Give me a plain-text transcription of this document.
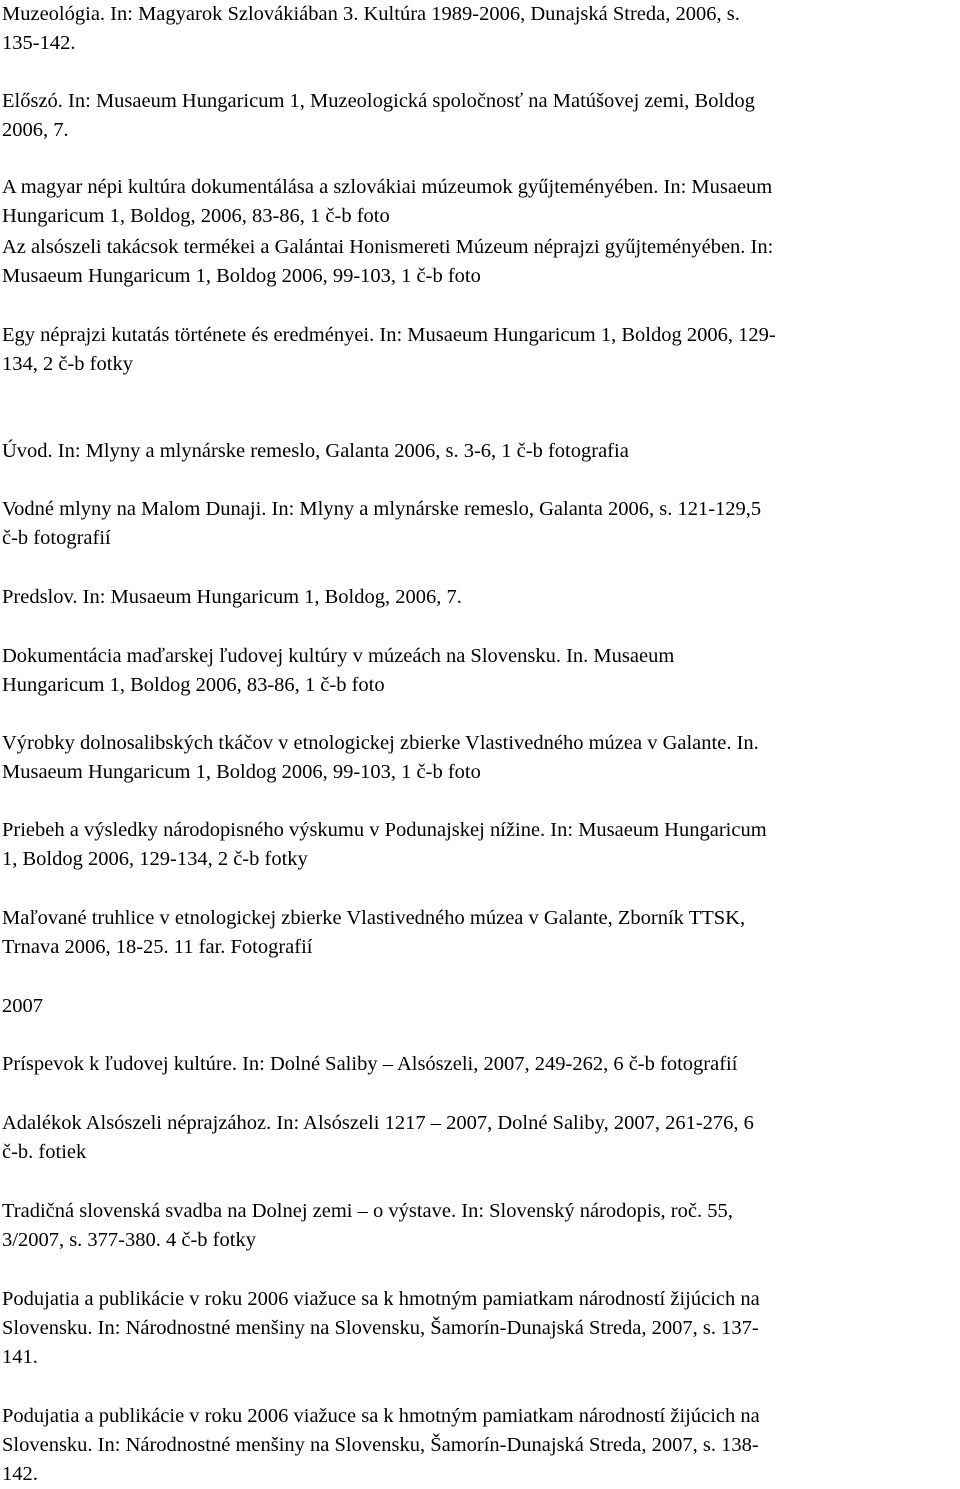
Muzeológia. In: Magyarok Szlovákiában 3. Kultúra 1989-2006, Dunajská Streda, 2006, s.
135-142.
Előszó. In: Musaeum Hungaricum 1, Muzeologická spoločnosť na Matúšovej zemi, Boldog
2006, 7.
A magyar népi kultúra dokumentálása a szlovákiai múzeumok gyűjteményében. In: Musaeum
Hungaricum 1, Boldog, 2006, 83-86, 1 č-b foto
Az alsószeli takácsok termékei a Galántai Honismereti Múzeum néprajzi gyűjteményében. In:
Musaeum Hungaricum 1, Boldog 2006, 99-103, 1 č-b foto
Egy néprajzi kutatás története és eredményei. In: Musaeum Hungaricum 1, Boldog 2006, 129-
134, 2 č-b fotky
Úvod. In: Mlyny a mlynárske remeslo, Galanta 2006, s. 3-6, 1 č-b fotografia
Vodné mlyny na Malom Dunaji. In: Mlyny a mlynárske remeslo, Galanta 2006, s. 121-129,5
č-b fotografií
Predslov. In: Musaeum Hungaricum 1, Boldog, 2006, 7.
Dokumentácia maďarskej ľudovej kultúry v múzeách na Slovensku. In. Musaeum
Hungaricum 1, Boldog 2006, 83-86, 1 č-b foto
Výrobky dolnosalibských tkáčov v etnologickej zbierke Vlastivedného múzea v Galante. In.
Musaeum Hungaricum 1, Boldog 2006, 99-103, 1 č-b foto
Priebeh a výsledky národopisného výskumu v Podunajskej nížine. In: Musaeum Hungaricum
1, Boldog 2006, 129-134, 2 č-b fotky
Maľované truhlice v etnologickej zbierke Vlastivedného múzea v Galante, Zborník TTSK,
Trnava 2006, 18-25. 11 far. Fotografií
2007
Príspevok k ľudovej kultúre. In: Dolné Saliby – Alsószeli, 2007, 249-262, 6 č-b fotografií
Adalékok Alsószeli néprajzához. In: Alsószeli 1217 – 2007, Dolné Saliby, 2007, 261-276, 6
č-b. fotiek
Tradičná slovenská svadba na Dolnej zemi – o výstave. In: Slovenský národopis, roč. 55,
3/2007, s. 377-380. 4 č-b fotky
Podujatia a publikácie v roku 2006 viažuce sa k hmotným pamiatkam národností žijúcich na
Slovensku. In: Národnostné menšiny na Slovensku, Šamorín-Dunajská Streda, 2007, s. 137-
141.
Podujatia a publikácie v roku 2006 viažuce sa k hmotným pamiatkam národností žijúcich na
Slovensku. In: Národnostné menšiny na Slovensku, Šamorín-Dunajská Streda, 2007, s. 138-
142.
